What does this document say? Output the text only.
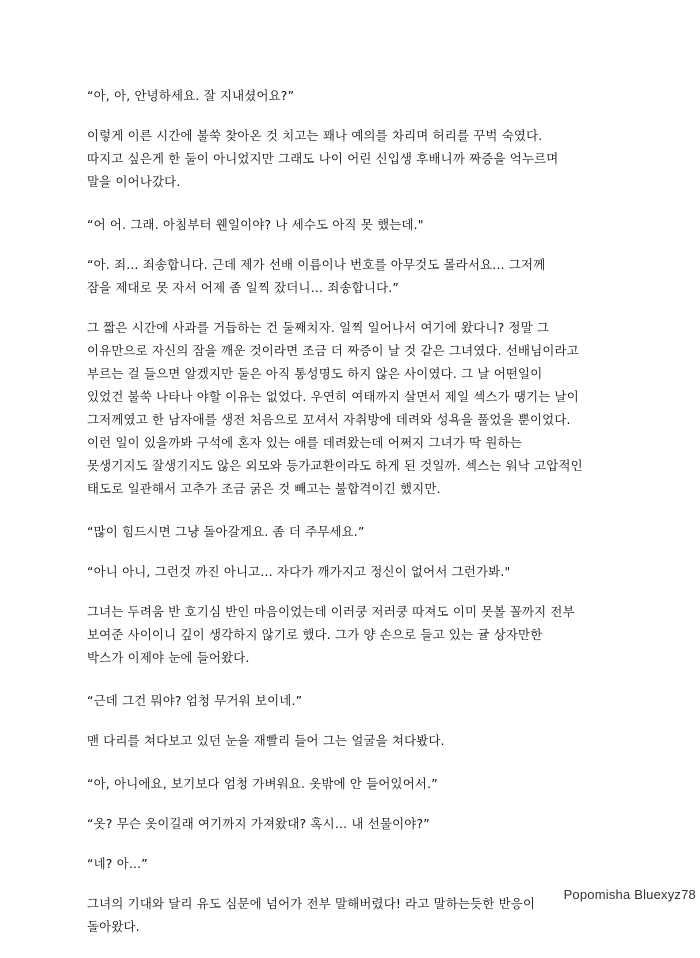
“아, 아, 안녕하세요. 잘 지내셨어요?”
이렇게 이른 시간에 불쑥 찾아온 것 치고는 꽤나 예의를 차리며 허리를 꾸벅 숙였다.
따지고 싶은게 한 둘이 아니었지만 그래도 나이 어린 신입생 후배니까 짜증을 억누르며
말을 이어나갔다.
“어 어. 그래. 아침부터 웬일이야? 나 세수도 아직 못 했는데."
“아. 죄... 죄송합니다. 근데 제가 선배 이름이나 번호를 아무것도 몰라서요... 그저께
잠을 제대로 못 자서 어제 좀 일찍 잤더니… 죄송합니다.”
그 짧은 시간에 사과를 거듭하는 건 둘째치자. 일찍 일어나서 여기에 왔다니? 정말 그
이유만으로 자신의 잠을 깨운 것이라면 조금 더 짜증이 날 것 같은 그녀였다. 선배님이라고
부르는 걸 들으면 알겠지만 둘은 아직 통성명도 하지 않은 사이였다. 그 날 어떤일이
있었건 불쑥 나타나 야할 이유는 없었다. 우연히 여태까지 살면서 제일 섹스가 땡기는 날이
그저께였고 한 남자애를 생전 처음으로 꼬셔서 자취방에 데려와 성욕을 풀었을 뿐이었다.
이런 일이 있을까봐 구석에 혼자 있는 애를 데려왔는데 어쩌지 그녀가 딱 원하는
못생기지도 잘생기지도 않은 외모와 등가교환이라도 하게 된 것일까. 섹스는 워낙 고압적인
태도로 일관해서 고추가 조금 굵은 것 빼고는 불합격이긴 했지만.
“많이 힘드시면 그냥 돌아갈게요. 좀 더 주무세요.”
“아니 아니, 그런것 까진 아니고... 자다가 깨가지고 정신이 없어서 그런가봐."
그녀는 두려움 반 호기심 반인 마음이었는데 이러쿵 저러쿵 따져도 이미 못볼 꼴까지 전부
보여준 사이이니 깊이 생각하지 않기로 했다. 그가 양 손으로 들고 있는 귤 상자만한
박스가 이제야 눈에 들어왔다.
“근데 그건 뭐야? 엄청 무거워 보이네.”
맨 다리를 쳐다보고 있던 눈을 재빨리 들어 그는 얼굴을 쳐다봤다.
“아, 아니에요, 보기보다 엄청 가벼워요. 옷밖에 안 들어있어서.”
“옷? 무슨 옷이길래 여기까지 가져왔대? 혹시… 내 선물이야?”
“네? 아...”
그녀의 기대와 달리 유도 심문에 넘어가 전부 말해버렸다! 라고 말하는듯한 반응이
돌아왔다.
Popomisha Bluexyz78
